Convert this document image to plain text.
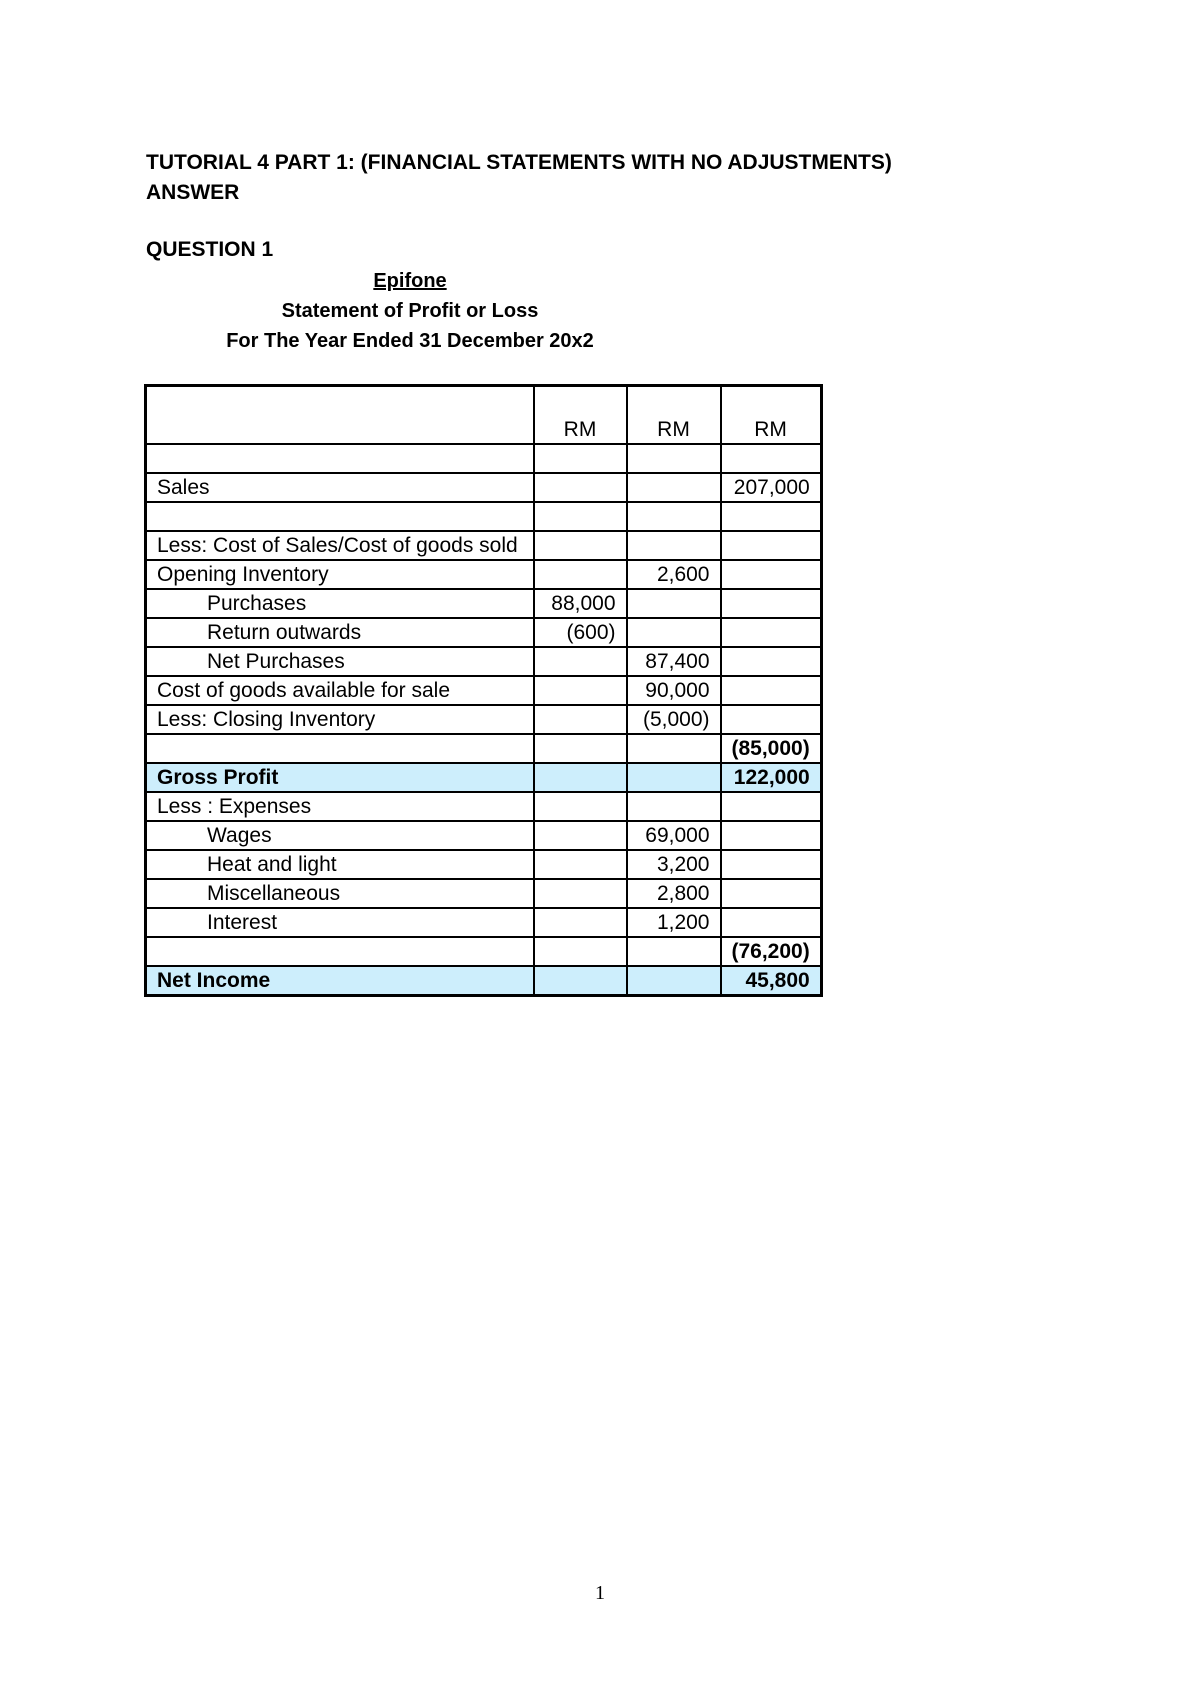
TUTORIAL 4 PART 1: (FINANCIAL STATEMENTS WITH NO ADJUSTMENTS)
ANSWER
QUESTION 1
Epifone
Statement of Profit or Loss
For The Year Ended 31 December 20x2
	RM	RM	RM

Sales			207,000

Less: Cost of Sales/Cost of goods sold			
Opening Inventory		2,600	
Purchases	88,000		
Return outwards	(600)		
Net Purchases		87,400	
Cost of goods available for sale		90,000	
Less: Closing Inventory		(5,000)	
			(85,000)
Gross Profit			122,000
Less : Expenses			
Wages		69,000	
Heat and light		3,200	
Miscellaneous		2,800	
Interest		1,200	
			(76,200)
Net Income			45,800
1
